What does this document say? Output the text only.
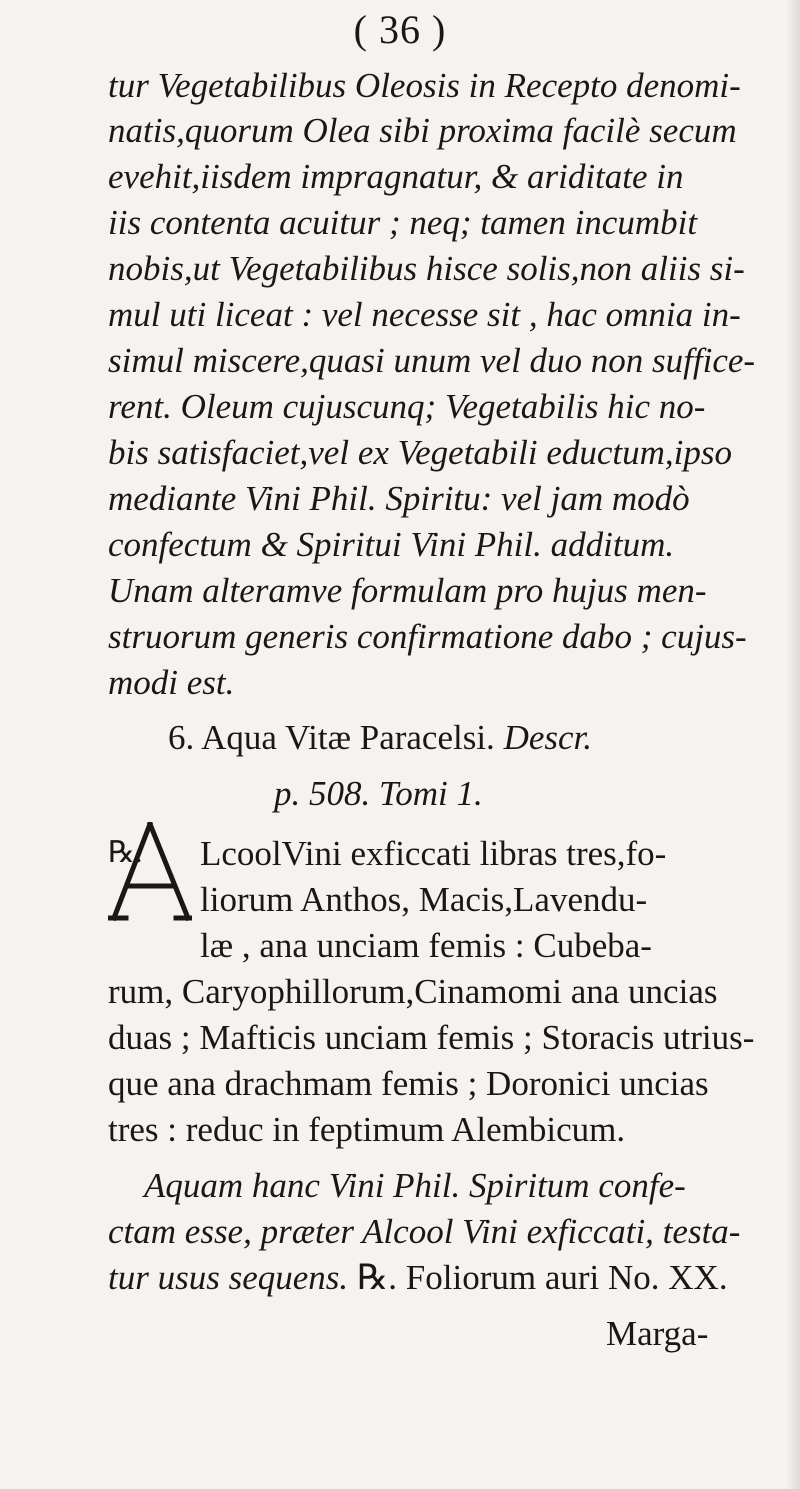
( 36 )
tur Vegetabilibus Oleosis in Recepto denomi-
natis,quorum Olea sibi proxima facilè secum
evehit,iisdem impragnatur, & ariditate in
iis contenta acuitur ; neq; tamen incumbit
nobis,ut Vegetabilibus hisce solis,non aliis si-
mul uti liceat : vel necesse sit , hac omnia in-
simul miscere,quasi unum vel duo non suffice-
rent. Oleum cujuscunq; Vegetabilis hic no-
bis satisfaciet,vel ex Vegetabili eductum,ipso
mediante Vini Phil. Spiritu: vel jam modò
confectum & Spiritui Vini Phil. additum.
Unam alteramve formulam pro hujus men-
struorum generis confirmatione dabo ; cujus-
modi est.
6. Aqua Vitæ Paracelsi. Descr.
p. 508. Tomi 1.
℞. LcoolVini exficcati libras tres,fo-
liorum Anthos, Macis,Lavendu-
læ , ana unciam femis : Cubeba-
rum, Caryophillorum,Cinamomi ana uncias
duas ; Mafticis unciam femis ; Storacis utrius-
que ana drachmam femis ; Doronici uncias
tres : reduc in feptimum Alembicum.
Aquam hanc Vini Phil. Spiritum confe-
ctam esse, præter Alcool Vini exficcati, testa-
tur usus sequens. ℞. Foliorum auri No. XX.
Marga-
